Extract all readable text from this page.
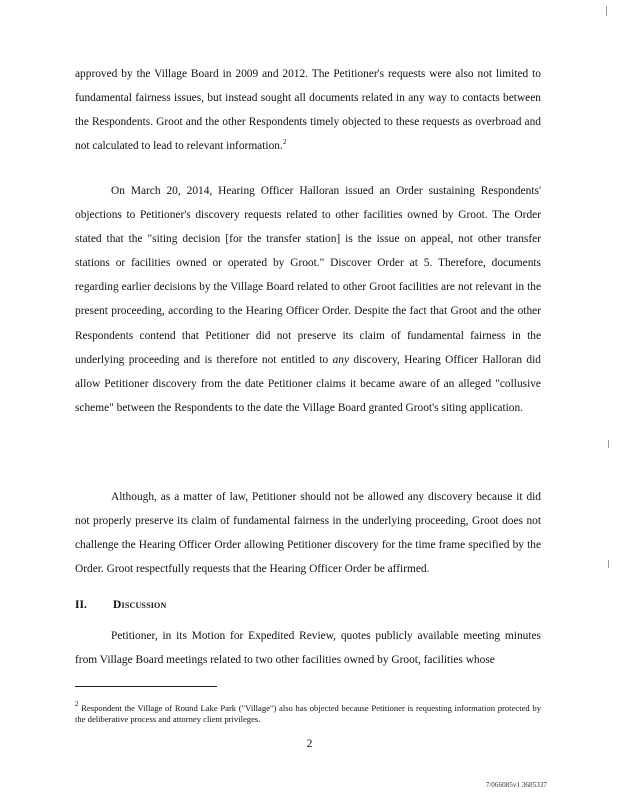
approved by the Village Board in 2009 and 2012. The Petitioner's requests were also not limited to fundamental fairness issues, but instead sought all documents related in any way to contacts between the Respondents. Groot and the other Respondents timely objected to these requests as overbroad and not calculated to lead to relevant information.$^2$

On March 20, 2014, Hearing Officer Halloran issued an Order sustaining Respondents' objections to Petitioner's discovery requests related to other facilities owned by Groot. The Order stated that the "siting decision [for the transfer station] is the issue on appeal, not other transfer stations or facilities owned or operated by Groot." Discover Order at 5. Therefore, documents regarding earlier decisions by the Village Board related to other Groot facilities are not relevant in the present proceeding, according to the Hearing Officer Order. Despite the fact that Groot and the other Respondents contend that Petitioner did not preserve its claim of fundamental fairness in the underlying proceeding and is therefore not entitled to any discovery, Hearing Officer Halloran did allow Petitioner discovery from the date Petitioner claims it became aware of an alleged "collusive scheme" between the Respondents to the date the Village Board granted Groot's siting application.

Although, as a matter of law, Petitioner should not be allowed any discovery because it did not properly preserve its claim of fundamental fairness in the underlying proceeding, Groot does not challenge the Hearing Officer Order allowing Petitioner discovery for the time frame specified by the Order. Groot respectfully requests that the Hearing Officer Order be affirmed.

II. Discussion

Petitioner, in its Motion for Expedited Review, quotes publicly available meeting minutes from Village Board meetings related to two other facilities owned by Groot, facilities whose

$^2$ Respondent the Village of Round Lake Park ("Village") also has objected because Petitioner is requesting information protected by the deliberative process and attorney client privileges.

2
7/066085v1 3685337
